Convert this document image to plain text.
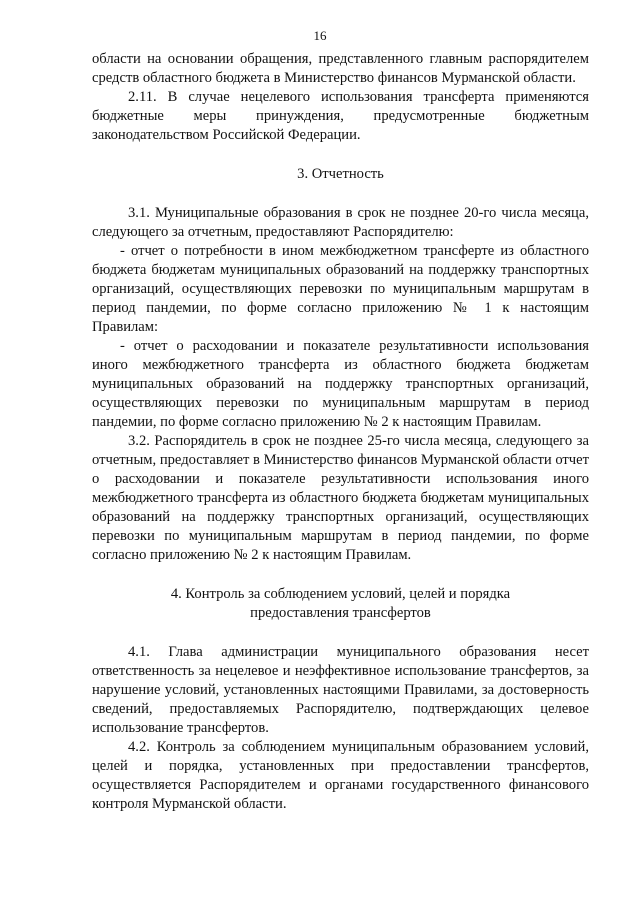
16

области на основании обращения, представленного главным распорядителем средств областного бюджета в Министерство финансов Мурманской области.

2.11. В случае нецелевого использования трансферта применяются бюджетные меры принуждения, предусмотренные бюджетным законодательством Российской Федерации.

3. Отчетность

3.1. Муниципальные образования в срок не позднее 20-го числа месяца, следующего за отчетным, предоставляют Распорядителю:

- отчет о потребности в ином межбюджетном трансферте из областного бюджета бюджетам муниципальных образований на поддержку транспортных организаций, осуществляющих перевозки по муниципальным маршрутам в период пандемии, по форме согласно приложению № 1 к настоящим Правилам:

- отчет о расходовании и показателе результативности использования иного межбюджетного трансферта из областного бюджета бюджетам муниципальных образований на поддержку транспортных организаций, осуществляющих перевозки по муниципальным маршрутам в период пандемии, по форме согласно приложению № 2 к настоящим Правилам.

3.2. Распорядитель в срок не позднее 25-го числа месяца, следующего за отчетным, предоставляет в Министерство финансов Мурманской области отчет о расходовании и показателе результативности использования иного межбюджетного трансферта из областного бюджета бюджетам муниципальных образований на поддержку транспортных организаций, осуществляющих перевозки по муниципальным маршрутам в период пандемии, по форме согласно приложению № 2 к настоящим Правилам.

4. Контроль за соблюдением условий, целей и порядка

предоставления трансфертов

4.1. Глава администрации муниципального образования несет ответственность за нецелевое и неэффективное использование трансфертов, за нарушение условий, установленных настоящими Правилами, за достоверность сведений, предоставляемых Распорядителю, подтверждающих целевое использование трансфертов.

4.2. Контроль за соблюдением муниципальным образованием условий, целей и порядка, установленных при предоставлении трансфертов, осуществляется Распорядителем и органами государственного финансового контроля Мурманской области.
